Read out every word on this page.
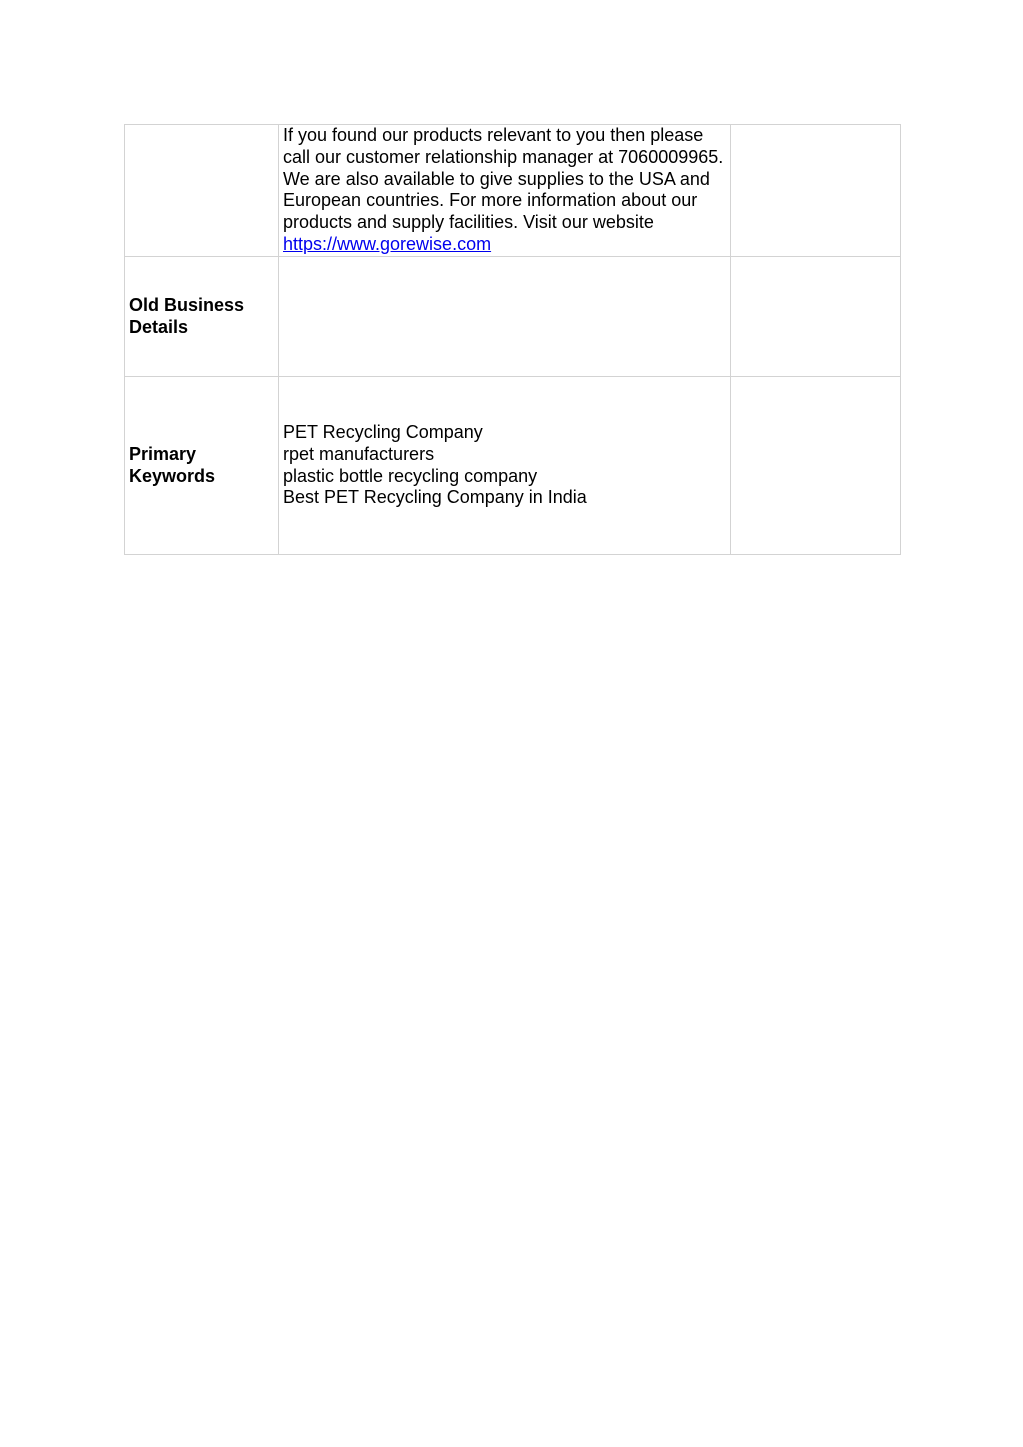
	If you found our products relevant to you then please call our customer relationship manager at 7060009965. We are also available to give supplies to the USA and European countries. For more information about our products and supply facilities. Visit our website https://www.gorewise.com	
Old Business Details		
Primary Keywords	PET Recycling Company
rpet manufacturers
plastic bottle recycling company
Best PET Recycling Company in India	
